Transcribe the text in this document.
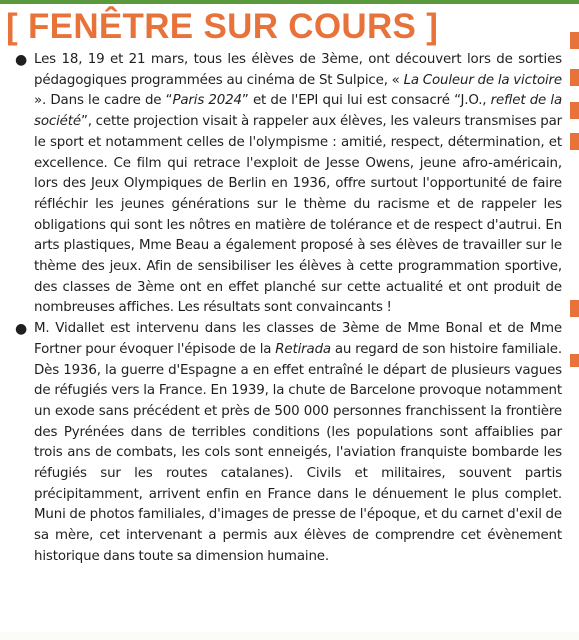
[ FENÊTRE SUR COURS ]
● Les 18, 19 et 21 mars, tous les élèves de 3ème, ont découvert lors de sorties pédagogiques programmées au cinéma de St Sulpice, « La Couleur de la victoire ». Dans le cadre de “Paris 2024” et de l'EPI qui lui est consacré “J.O., reflet de la société”, cette projection visait à rappeler aux élèves, les valeurs transmises par le sport et notamment celles de l'olympisme : amitié, respect, détermination, et excellence. Ce film qui retrace l'exploit de Jesse Owens, jeune afro-américain, lors des Jeux Olympiques de Berlin en 1936, offre surtout l'opportunité de faire réfléchir les jeunes générations sur le thème du racisme et de rappeler les obligations qui sont les nôtres en matière de tolérance et de respect d'autrui. En arts plastiques, Mme Beau a également proposé à ses élèves de travailler sur le thème des jeux. Afin de sensibiliser les élèves à cette programmation sportive, des classes de 3ème ont en effet planché sur cette actualité et ont produit de nombreuses affiches. Les résultats sont convaincants !

● M. Vidallet est intervenu dans les classes de 3ème de Mme Bonal et de Mme Fortner pour évoquer l'épisode de la Retirada au regard de son histoire familiale. Dès 1936, la guerre d'Espagne a en effet entraîné le départ de plusieurs vagues de réfugiés vers la France. En 1939, la chute de Barcelone provoque notamment un exode sans précédent et près de 500 000 personnes franchissent la frontière des Pyrénées dans de terribles conditions (les populations sont affaiblies par trois ans de combats, les cols sont enneigés, l'aviation franquiste bombarde les réfugiés sur les routes catalanes). Civils et militaires, souvent partis précipitamment, arrivent enfin en France dans le dénuement le plus complet. Muni de photos familiales, d'images de presse de l'époque, et du carnet d'exil de sa mère, cet intervenant a permis aux élèves de comprendre cet évènement historique dans toute sa dimension humaine.
